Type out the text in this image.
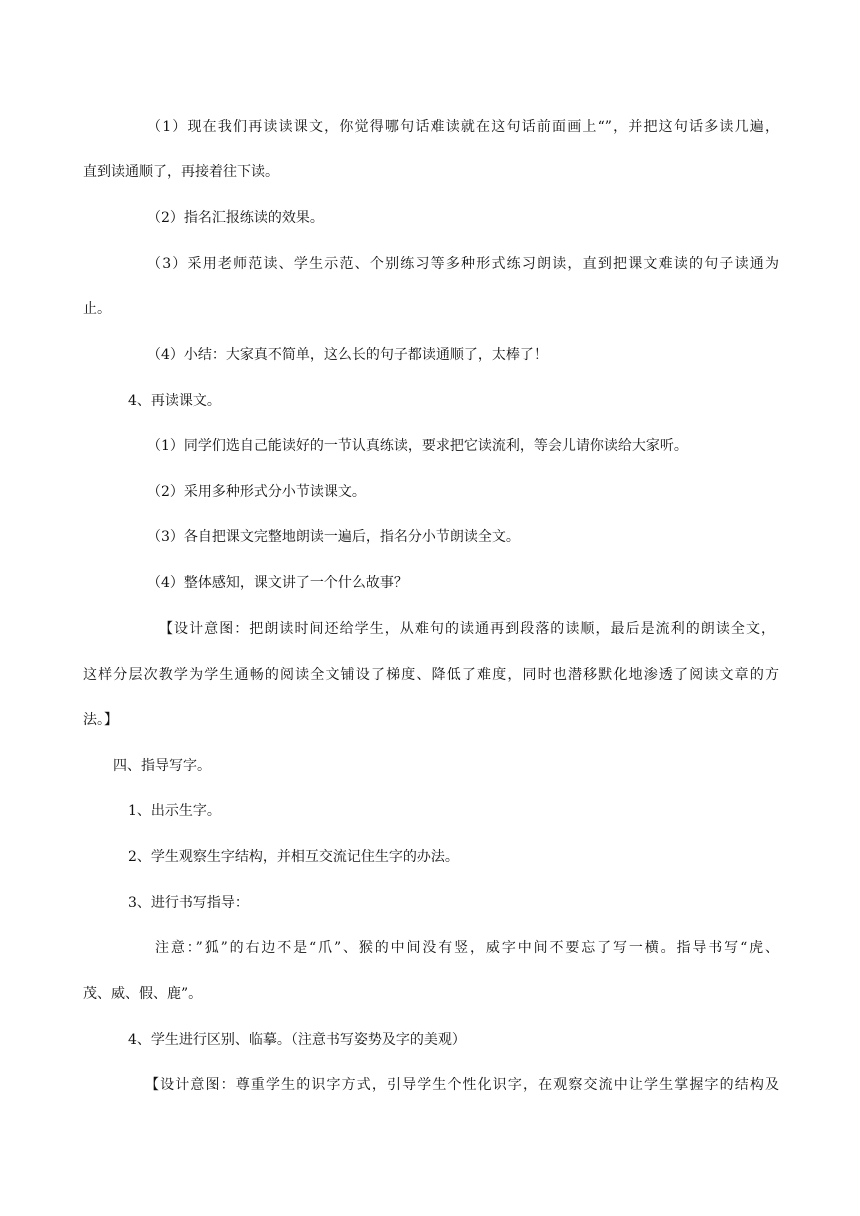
（1）现在我们再读读课文，你觉得哪句话难读就在这句话前面画上“”，并把这句话多读几遍，
直到读通顺了，再接着往下读。
（2）指名汇报练读的效果。
（3）采用老师范读、学生示范、个别练习等多种形式练习朗读，直到把课文难读的句子读通为
止。
（4）小结：大家真不简单，这么长的句子都读通顺了，太棒了！
4、再读课文。
（1）同学们选自己能读好的一节认真练读，要求把它读流利，等会儿请你读给大家听。
（2）采用多种形式分小节读课文。
（3）各自把课文完整地朗读一遍后，指名分小节朗读全文。
（4）整体感知，课文讲了一个什么故事？
【设计意图：把朗读时间还给学生，从难句的读通再到段落的读顺，最后是流利的朗读全文，
这样分层次教学为学生通畅的阅读全文铺设了梯度、降低了难度，同时也潜移默化地渗透了阅读文章的方
法。】
四、指导写字。
1、出示生字。
2、学生观察生字结构，并相互交流记住生字的办法。
3、进行书写指导：
注意：”狐”的右边不是“爪”、猴的中间没有竖，威字中间不要忘了写一横。指导书写“虎、
茂、威、假、鹿”。
4、学生进行区别、临摹。（注意书写姿势及字的美观）
【设计意图：尊重学生的识字方式，引导学生个性化识字，在观察交流中让学生掌握字的结构及
